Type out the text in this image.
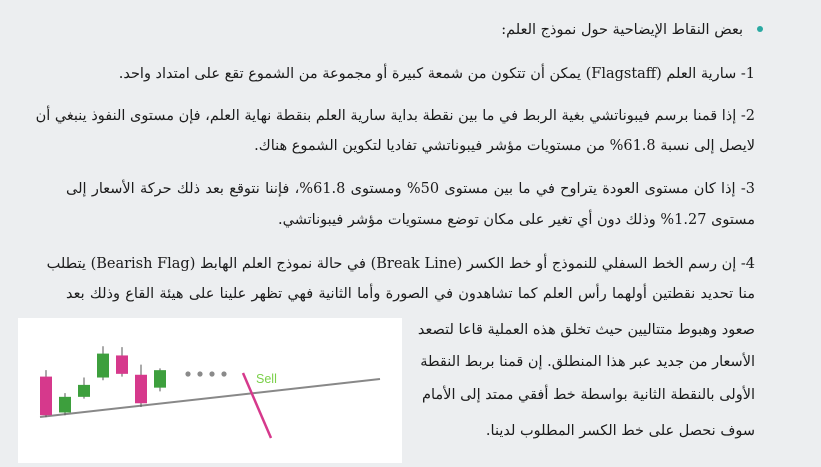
بعض النقاط الإيضاحية حول نموذج العلم:
1- سارية العلم (Flagstaff) يمكن أن تتكون من شمعة كبيرة أو مجموعة من الشموع تقع على امتداد واحد.
2- إذا قمنا برسم فيبوناتشي بغية الربط في ما بين نقطة بداية سارية العلم بنقطة نهاية العلم، فإن مستوى النفوذ ينبغي أن
لايصل إلى نسبة 61.8% من مستويات مؤشر فيبوناتشي تفاديا لتكوين الشموع هناك.
3- إذا كان مستوى العودة يتراوح في ما بين مستوى 50% ومستوى 61.8%، فإننا نتوقع بعد ذلك حركة الأسعار إلى
مستوى 1.27% وذلك دون أي تغير على مكان توضع مستويات مؤشر فيبوناتشي.
4- إن رسم الخط السفلي للنموذج أو خط الكسر (Break Line) في حالة نموذج العلم الهابط (Bearish Flag) يتطلب
منا تحديد نقطتين أولهما رأس العلم كما تشاهدون في الصورة وأما الثانية فهي تظهر علينا على هيئة القاع وذلك بعد
صعود وهبوط متتاليين حيث تخلق هذه العملية قاعا لتصعد
الأسعار من جديد عبر هذا المنطلق. إن قمنا بربط النقطة
الأولى بالنقطة الثانية بواسطة خط أفقي ممتد إلى الأمام
سوف نحصل على خط الكسر المطلوب لدينا.
Sell
